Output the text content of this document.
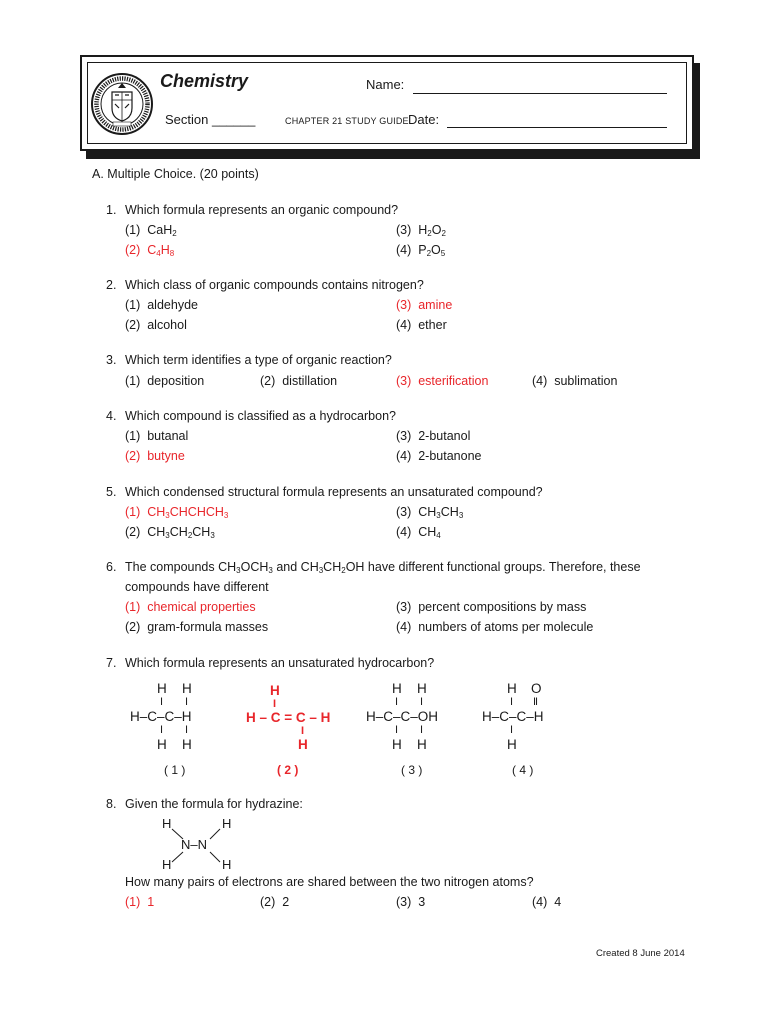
Chemistry	Name:
Section ______	CHAPTER 21 STUDY GUIDE Date:
A. Multiple Choice. (20 points)
1. Which formula represents an organic compound?
(1) CaH$_2$	(3) $H_2O_2$
(2) $C_4H_8$	(4) $P_2O_5$
2. Which class of organic compounds contains nitrogen?
(1) aldehyde	(3) amine
(2) alcohol	(4) ether
3. Which term identifies a type of organic reaction?
(1) deposition	(2) distillation	(3) esterification	(4) sublimation
4. Which compound is classified as a hydrocarbon?
(1) butanal	(3) 2-butanol
(2) butyne	(4) 2-butanone
5. Which condensed structural formula represents an unsaturated compound?
(1) $CH_3CHCHCH_3$	(3) $CH_3CH_3$
(2) $CH_3CH_2CH_3$	(4) $CH_4$
6. The compounds $CH_3OCH_3$ and $CH_3CH_2OH$ have different functional groups. Therefore, these
compounds have different
(1) chemical properties	(3) percent compositions by mass
(2) gram-formula masses	(4) numbers of atoms per molecule
7. Which formula represents an unsaturated hydrocarbon?
H H
I I
H–C–C–H
I I
H H
( 1 )
H
I
H – C = C – H
I
H
( 2 )
H H
I I
H–C–C–OH
I I
H H
( 3 )
H O
I II
H–C–C–H
I
H
( 4 )
8. Given the formula for hydrazine:
H	H
N–N
H	H
How many pairs of electrons are shared between the two nitrogen atoms?
(1) 1	(2) 2	(3) 3	(4) 4
Created 8 June 2014
